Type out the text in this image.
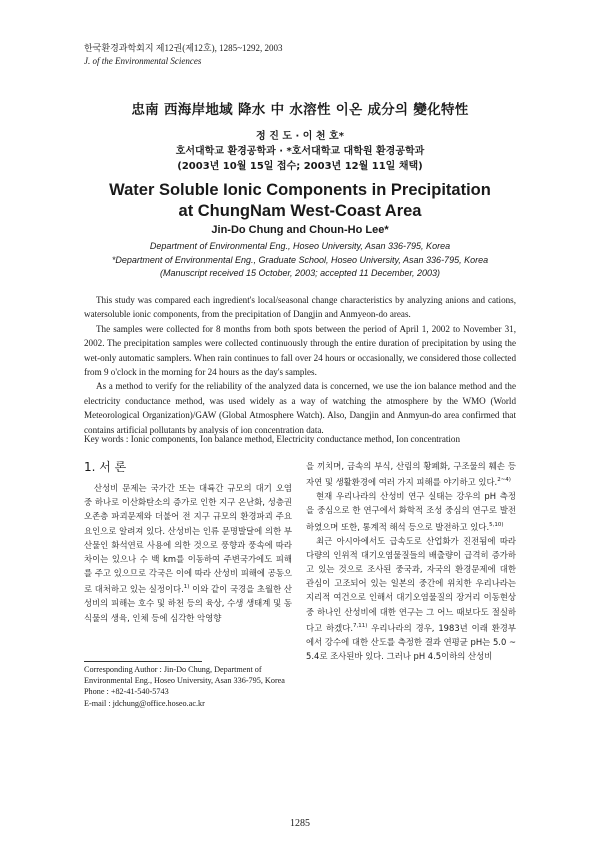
한국환경과학회지 제12권(제12호), 1285~1292, 2003
J. of the Environmental Sciences
忠南 西海岸地域 降水 中 水溶性 이온 成分의 變化特性
정 진 도 · 이 천 호*
호서대학교 환경공학과 · *호서대학교 대학원 환경공학과
(2003년 10월 15일 접수; 2003년 12월 11일 채택)
Water Soluble Ionic Components in Precipitation
at ChungNam West-Coast Area
Jin-Do Chung and Choun-Ho Lee*
Department of Environmental Eng., Hoseo University, Asan 336-795, Korea
*Department of Environmental Eng., Graduate School, Hoseo University, Asan 336-795, Korea
(Manuscript received 15 October, 2003; accepted 11 December, 2003)

This study was compared each ingredient's local/seasonal change characteristics by analyzing anions and cations, watersoluble ionic components, from the precipitation of Dangjin and Anmyeon-do areas.

The samples were collected for 8 months from both spots between the period of April 1, 2002 to November 31, 2002. The precipitation samples were collected continuously through the entire duration of precipitation by using the wet-only automatic samplers. When rain continues to fall over 24 hours or occasionally, we considered those collected from 9 o'clock in the morning for 24 hours as the day's samples.

As a method to verify for the reliability of the analyzed data is concerned, we use the ion balance method and the electricity conductance method, was used widely as a way of watching the atmosphere by the WMO (World Meteorological Organization)/GAW (Global Atmosphere Watch). Also, Dangjin and Anmyun-do area confirmed that contains artificial pollutants by analysis of ion concentration data.

Key words : Ionic components, Ion balance method, Electricity conductance method, Ion concentration
1. 서 론

산성비 문제는 국가간 또는 대륙간 규모의 대기 오염 중 하나로 이산화탄소의 증가로 인한 지구 온난화, 성층권 오존층 파괴문제와 더불어 전 지구 규모의 환경파괴 주요 요인으로 알려져 있다. 산성비는 인류 문명발달에 의한 부산물인 화석연료 사용에 의한 것으로 풍향과 풍속에 따라 차이는 있으나 수 백 km를 이동하여 주변국가에도 피해를 주고 있으므로 각국은 이에 따라 산성비 피해에 공동으로 대처하고 있는 실정이다.$^{1)}$ 이와 같이 국경을 초월한 산성비의 피해는 호수 및 하천 등의 육상, 수생 생태계 및 동식물의 생육, 인체 등에 심각한 악영향

을 끼치며, 금속의 부식, 산림의 황폐화, 구조물의 훼손 등 자연 및 생활환경에 여러 가지 피해를 야기하고 있다.$^{2\sim 4)}$

현재 우리나라의 산성비 연구 실태는 강우의 pH 측정을 중심으로 한 연구에서 화학적 조성 중심의 연구로 발전하였으며 또한, 통계적 해석 등으로 발전하고 있다.$^{5,10)}$

최근 아시아에서도 급속도로 산업화가 진전됨에 따라 다량의 인위적 대기오염물질들의 배출량이 급격히 증가하고 있는 것으로 조사된 중국과, 자국의 환경문제에 대한 관심이 고조되어 있는 일본의 중간에 위치한 우리나라는 지리적 여건으로 인해서 대기오염물질의 장거리 이동현상중 하나인 산성비에 대한 연구는 그 어느 때보다도 절실하다고 하겠다.$^{7,11)}$ 우리나라의 경우, 1983년 이래 환경부에서 강수에 대한 산도를 측정한 결과 연평균 pH는 5.0 ~ 5.4로 조사된바 있다. 그러나 pH 4.5이하의 산성비

Corresponding Author : Jin-Do Chung, Department of Environmental Eng., Hoseo University, Asan 336-795, Korea
Phone : +82-41-540-5743
E-mail : jdchung@office.hoseo.ac.kr
1285
